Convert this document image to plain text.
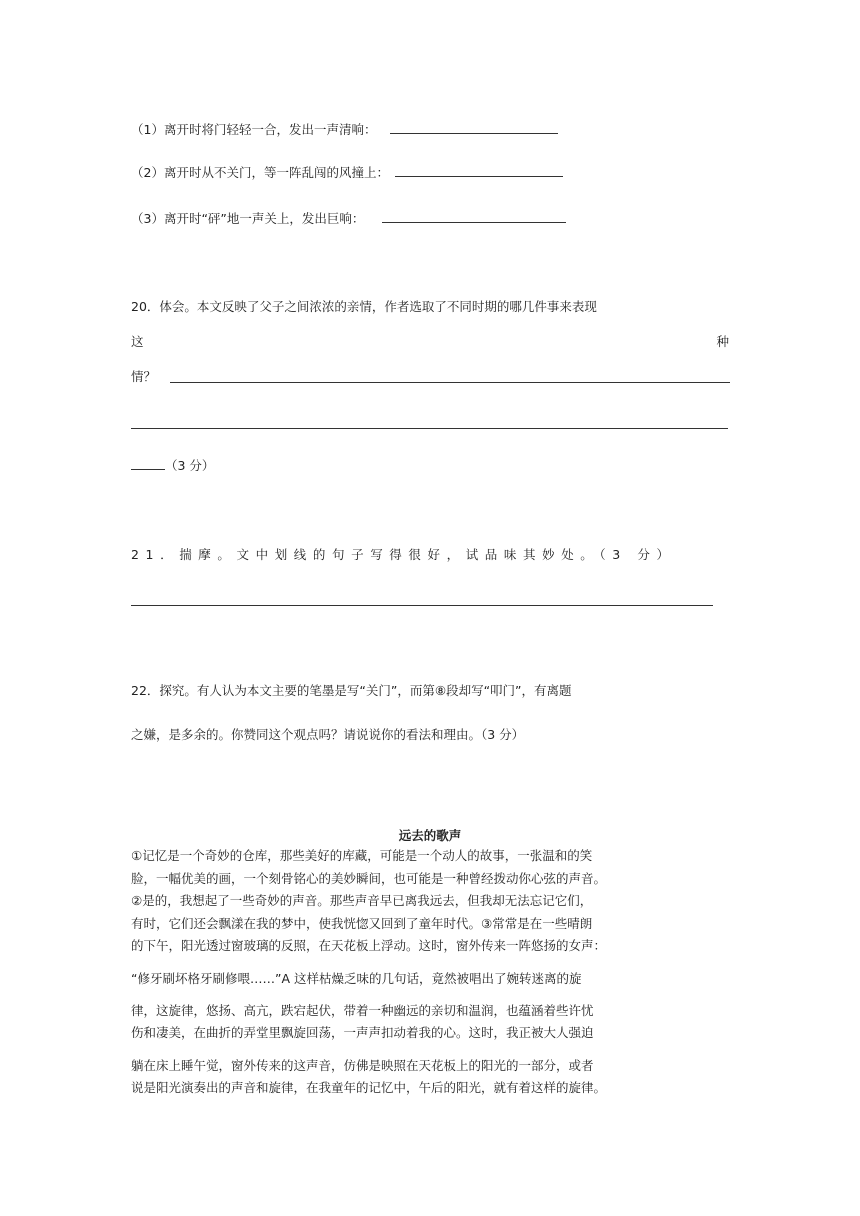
（1）离开时将门轻轻一合，发出一声清响：
（2）离开时从不关门，等一阵乱闯的风撞上：
（3）离开时“砰”地一声关上，发出巨响：
20．体会。本文反映了父子之间浓浓的亲情，作者选取了不同时期的哪几件事来表现
这	种
情？
（3 分）
21．揣摩。文中划线的句子写得很好，试品味其妙处。（3 分）
22．探究。有人认为本文主要的笔墨是写“关门”，而第⑧段却写“叩门”，有离题
之嫌，是多余的。你赞同这个观点吗？请说说你的看法和理由。（3 分）
远去的歌声
①记忆是一个奇妙的仓库，那些美好的库藏，可能是一个动人的故事，一张温和的笑
脸，一幅优美的画，一个刻骨铭心的美妙瞬间，也可能是一种曾经拨动你心弦的声音。
②是的，我想起了一些奇妙的声音。那些声音早已离我远去，但我却无法忘记它们，
有时，它们还会飘漾在我的梦中，使我恍惚又回到了童年时代。③常常是在一些晴朗
的下午，阳光透过窗玻璃的反照，在天花板上浮动。这时，窗外传来一阵悠扬的女声：
“修牙刷坏格牙刷修喂……”A 这样枯燥乏味的几句话，竟然被唱出了婉转迷离的旋
律，这旋律，悠扬、高亢，跌宕起伏，带着一种幽远的亲切和温润，也蕴涵着些许忧
伤和凄美，在曲折的弄堂里飘旋回荡，一声声扣动着我的心。这时，我正被大人强迫
躺在床上睡午觉，窗外传来的这声音，仿佛是映照在天花板上的阳光的一部分，或者
说是阳光演奏出的声音和旋律，在我童年的记忆中，午后的阳光，就有着这样的旋律。
